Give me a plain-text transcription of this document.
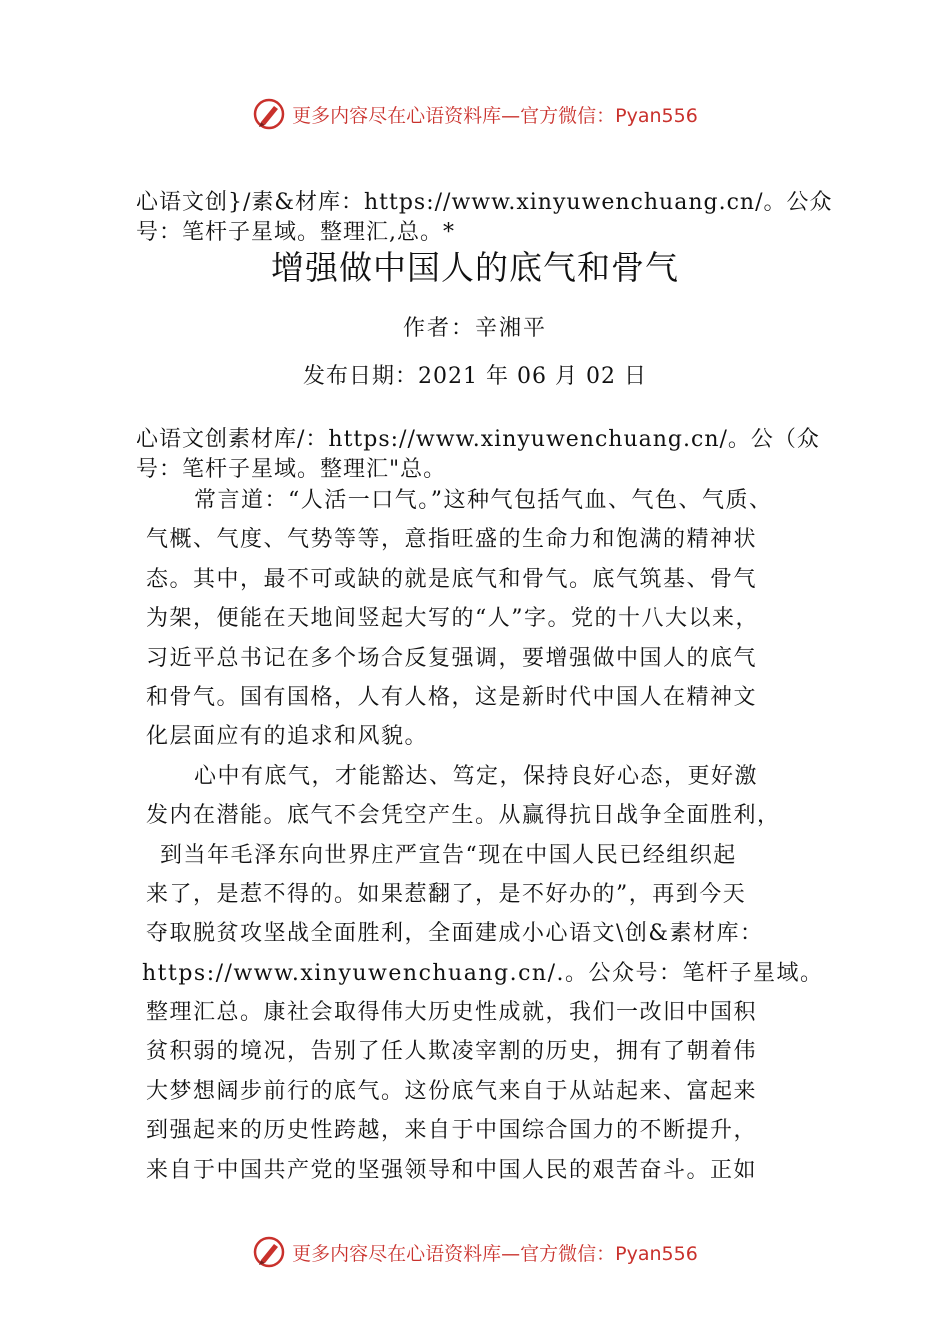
更多内容尽在心语资料库—官方微信：Pyan556
心语文创}/素&材库：https://www.xinyuwenchuang.cn/。公众
号：笔杆子星域。整理汇,总。*
增强做中国人的底气和骨气
作者：辛湘平
发布日期：2021 年 06 月 02 日
心语文创素材库/：https://www.xinyuwenchuang.cn/。公（众
号：笔杆子星域。整理汇"总。
常言道：“人活一口气。”这种气包括气血、气色、气质、
气概、气度、气势等等，意指旺盛的生命力和饱满的精神状
态。其中，最不可或缺的就是底气和骨气。底气筑基、骨气
为架，便能在天地间竖起大写的“人”字。党的十八大以来，
习近平总书记在多个场合反复强调，要增强做中国人的底气
和骨气。国有国格，人有人格，这是新时代中国人在精神文
化层面应有的追求和风貌。
心中有底气，才能豁达、笃定，保持良好心态，更好激
发内在潜能。底气不会凭空产生。从赢得抗日战争全面胜利，
到当年毛泽东向世界庄严宣告“现在中国人民已经组织起
来了，是惹不得的。如果惹翻了，是不好办的”，再到今天
夺取脱贫攻坚战全面胜利，全面建成小心语文\创&素材库：
https://www.xinyuwenchuang.cn/.。公众号：笔杆子星域。
整理汇总。康社会取得伟大历史性成就，我们一改旧中国积
贫积弱的境况，告别了任人欺凌宰割的历史，拥有了朝着伟
大梦想阔步前行的底气。这份底气来自于从站起来、富起来
到强起来的历史性跨越，来自于中国综合国力的不断提升，
来自于中国共产党的坚强领导和中国人民的艰苦奋斗。正如
更多内容尽在心语资料库—官方微信：Pyan556
